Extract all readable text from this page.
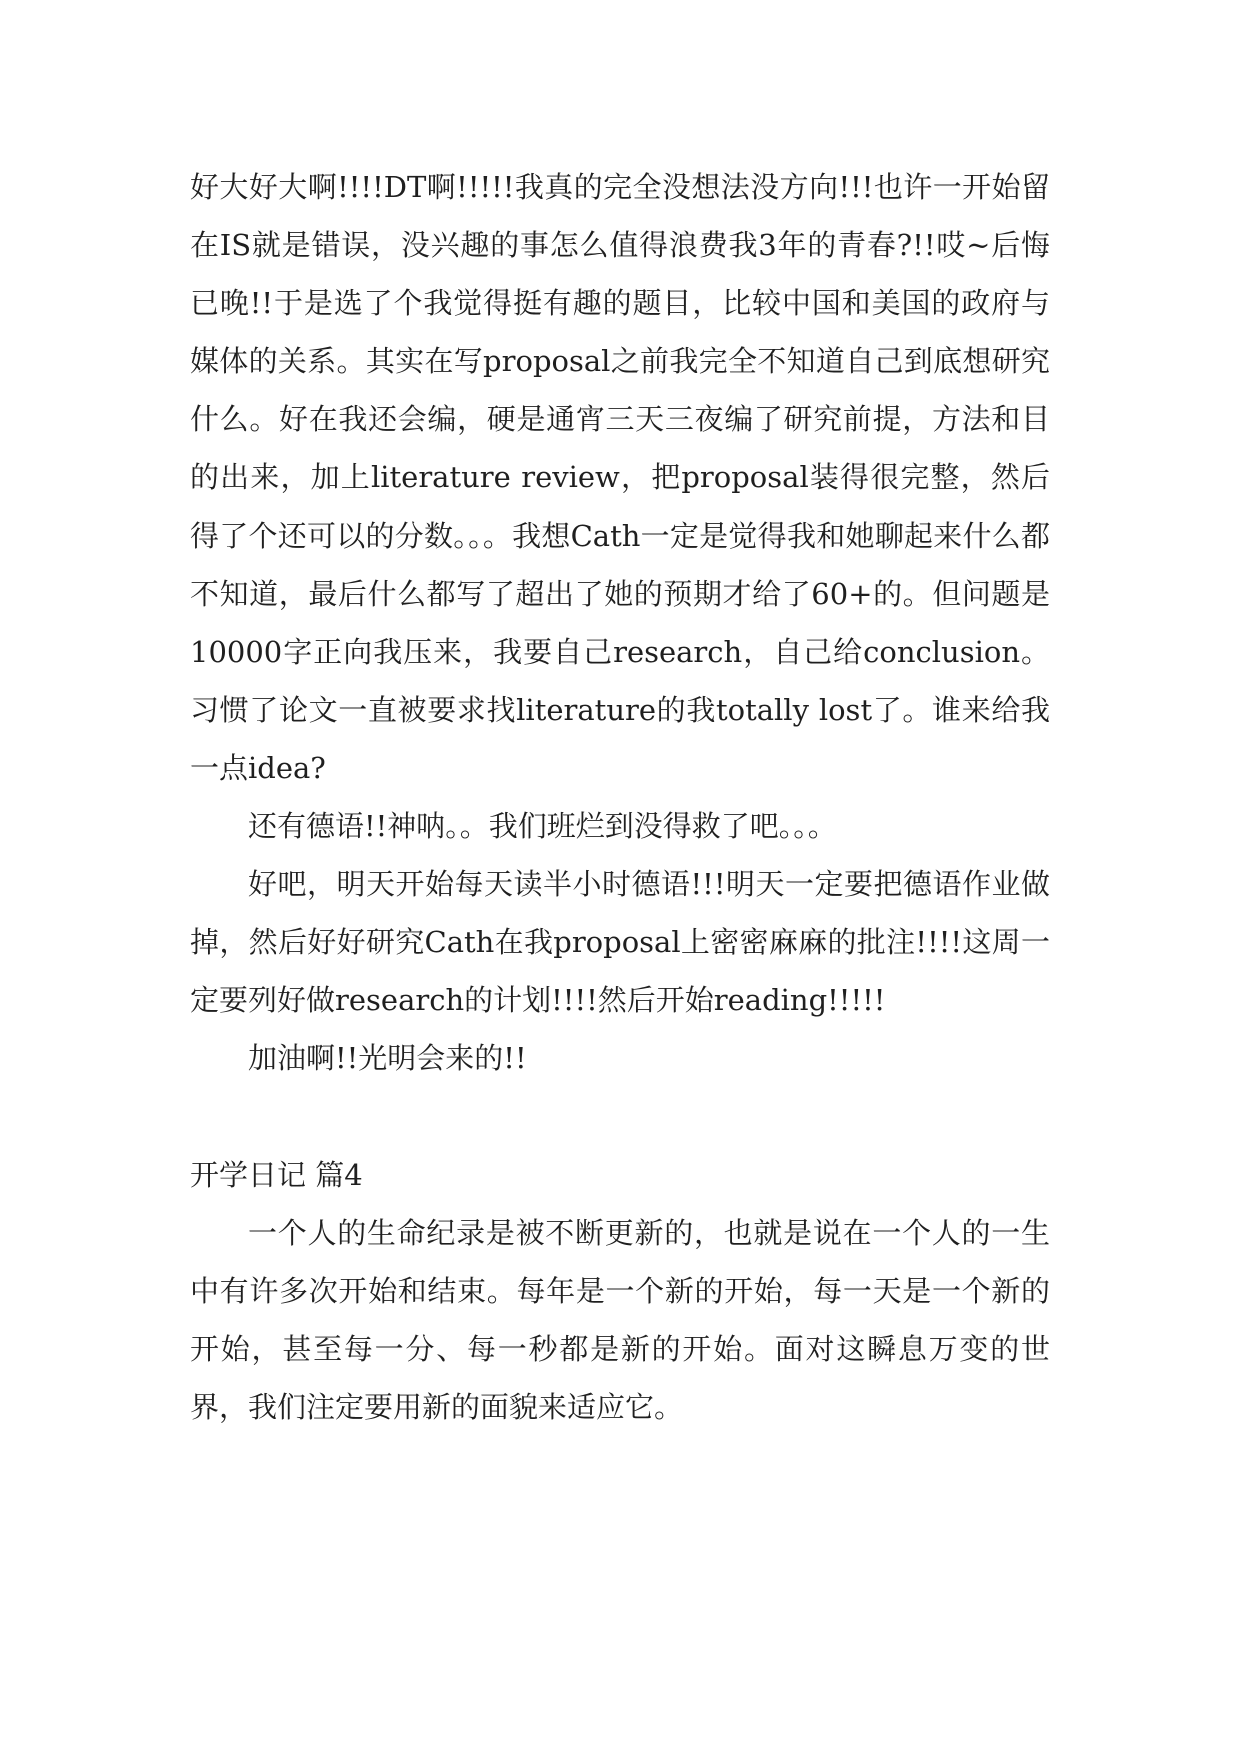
好大好大啊!!!!DT啊!!!!!我真的完全没想法没方向!!!也许一开始留在IS就是错误，没兴趣的事怎么值得浪费我3年的青春?!!哎~后悔已晚!!于是选了个我觉得挺有趣的题目，比较中国和美国的政府与媒体的关系。其实在写proposal之前我完全不知道自己到底想研究什么。好在我还会编，硬是通宵三天三夜编了研究前提，方法和目的出来，加上literature review，把proposal装得很完整，然后得了个还可以的分数。。。我想Cath一定是觉得我和她聊起来什么都不知道，最后什么都写了超出了她的预期才给了60+的。但问题是10000字正向我压来，我要自己research，自己给conclusion。习惯了论文一直被要求找literature的我totally lost了。谁来给我一点idea?

还有德语!!神呐。。我们班烂到没得救了吧。。。

好吧，明天开始每天读半小时德语!!!明天一定要把德语作业做掉，然后好好研究Cath在我proposal上密密麻麻的批注!!!!这周一定要列好做research的计划!!!!然后开始reading!!!!!

加油啊!!光明会来的!!

开学日记 篇4

一个人的生命纪录是被不断更新的，也就是说在一个人的一生中有许多次开始和结束。每年是一个新的开始，每一天是一个新的开始，甚至每一分、每一秒都是新的开始。面对这瞬息万变的世界，我们注定要用新的面貌来适应它。
